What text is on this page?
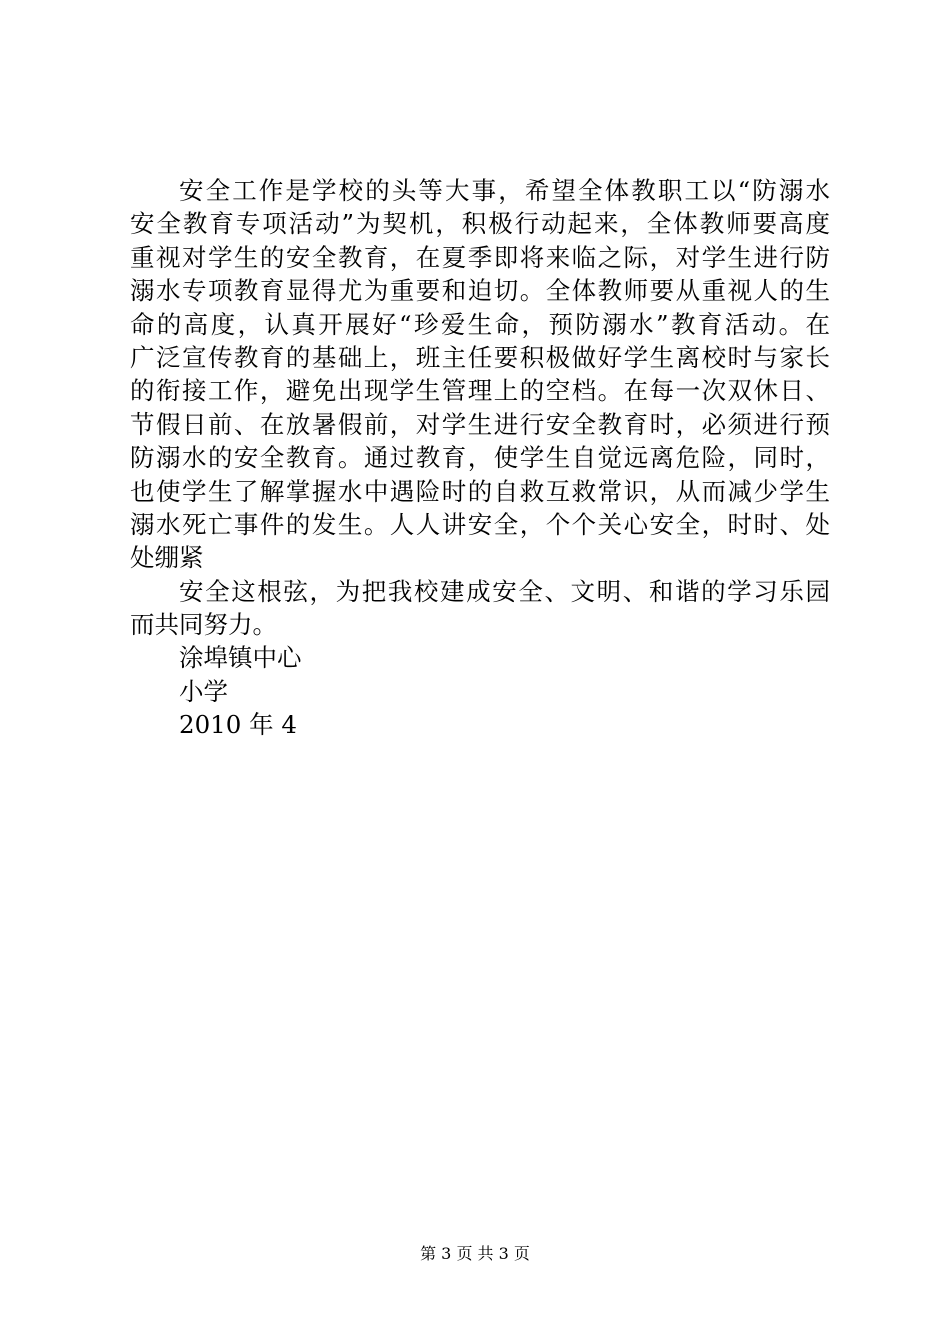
安全工作是学校的头等大事，希望全体教职工以“防溺水
安全教育专项活动”为契机，积极行动起来，全体教师要高度
重视对学生的安全教育，在夏季即将来临之际，对学生进行防
溺水专项教育显得尤为重要和迫切。全体教师要从重视人的生
命的高度，认真开展好“珍爱生命，预防溺水”教育活动。在
广泛宣传教育的基础上，班主任要积极做好学生离校时与家长
的衔接工作，避免出现学生管理上的空档。在每一次双休日、
节假日前、在放暑假前，对学生进行安全教育时，必须进行预
防溺水的安全教育。通过教育，使学生自觉远离危险，同时，
也使学生了解掌握水中遇险时的自救互救常识，从而减少学生
溺水死亡事件的发生。人人讲安全，个个关心安全，时时、处
处绷紧
安全这根弦，为把我校建成安全、文明、和谐的学习乐园
而共同努力。
涂埠镇中心
小学
2010 年 4
第 3 页 共 3 页
